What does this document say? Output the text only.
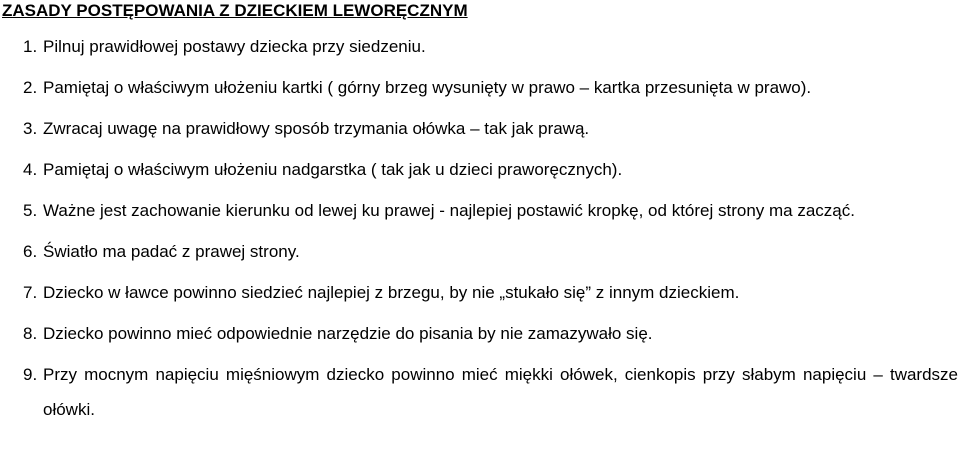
ZASADY POSTĘPOWANIA Z DZIECKIEM LEWORĘCZNYM
1. Pilnuj prawidłowej postawy dziecka przy siedzeniu.
2. Pamiętaj o właściwym ułożeniu kartki ( górny brzeg wysunięty w prawo – kartka przesunięta w prawo).
3. Zwracaj uwagę na prawidłowy sposób trzymania ołówka – tak jak prawą.
4. Pamiętaj o właściwym ułożeniu nadgarstka ( tak jak u dzieci praworęcznych).
5. Ważne jest zachowanie kierunku od lewej ku prawej - najlepiej postawić kropkę, od której strony ma zacząć.
6. Światło ma padać z prawej strony.
7. Dziecko w ławce powinno siedzieć najlepiej z brzegu, by nie „stukało się” z innym dzieckiem.
8. Dziecko powinno mieć odpowiednie narzędzie do pisania by nie zamazywało się.
9. Przy mocnym napięciu mięśniowym dziecko powinno mieć miękki ołówek, cienkopis przy słabym napięciu – twardsze ołówki.
